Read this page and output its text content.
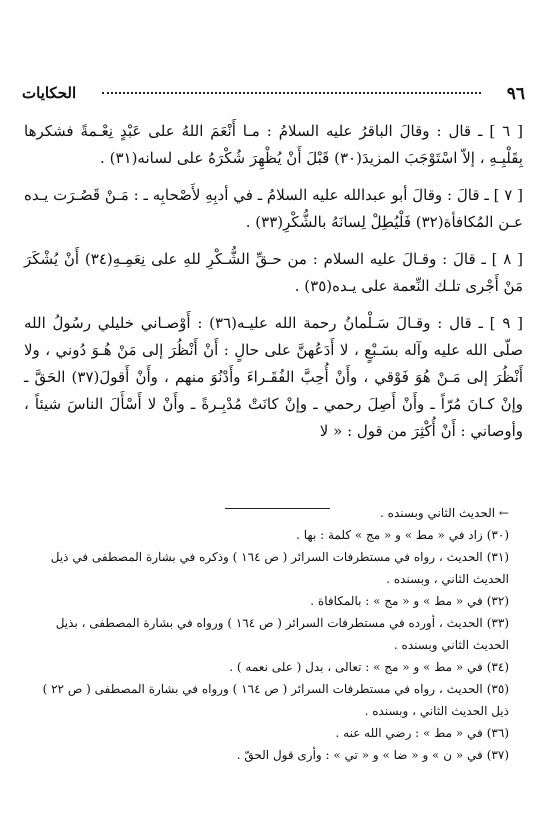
٩٦
الحكايات

[ ٦ ] ـ قال : وقالَ الباقرُ عليه السلامُ : مـا أَنْعَمَ اللهُ على عَبْدٍ نِعْـمةً فشكرها بِقَلْبِـهِ ، إلاّ اسْتَوْجَبَ المزيدَ(٣٠) قَبْلَ أَنْ يُظْهِرَ شُكْرَهُ على لسانه(٣١) .

[ ٧ ] ـ قالَ : وقالَ أبو عبدالله عليه السلامُ ـ في أدبِهِ لأَصْحابِه ـ : مَـنْ قَصُـرَت يـده عـن المُكافأة(٣٢) فَلْيُطِلْ لِسانَهُ بالشُّكْرِ(٣٣) .

[ ٨ ] ـ قالَ : وقـالَ عليه السلام : من حـقِّ الشُّـكْرِ للهِ على نِعَمِـهِ(٣٤) أَنْ يُشْكَرَ مَنْ أَجْرى تلـك النِّعمة على يـده(٣٥) .

[ ٩ ] ـ قال : وقـالَ سَـلْمانُ رحمة الله عليـه(٣٦) : أَوْصـاني خليلي رسُولُ الله صلّى الله عليه وآله بسَـبْعٍ ، لا أَدَعُهنَّ على حالٍ : أَنْ أَنْظُرَ إلى مَنْ هُـوَ دُوني ، ولا أَنْظُرَ إلى مَـنْ هُوَ فَوْقي ، وأَنْ أُحِبَّ الفُقَـراءَ وأَدْنُوَ منهم ، وأَنْ أَقولَ(٣٧) الحَقَّ ـ وإنْ كـانَ مُرّاً ـ وأَنْ أَصِلَ رحمي ـ وإنْ كانَتْ مُدْبِـرةً ـ وأَنْ لا أَسْأَلَ الناسَ شيئاً ، وأوصاني : أَنْ أُكْثِرَ من قول : « لا

← الحديث الثاني وبسنده .

(٣٠)زاد في « مط » و « مج » كلمة : بها .

(٣١)الحديث ، رواه في مستطرفات السرائر ( ص ١٦٤ ) وذكره في بشارة المصطفى في ذيل الحديث الثاني ، وبسنده .

(٣٢)في « مط » و « مج » : بالمكافاة .

(٣٣)الحديث ، أورده في مستطرفات السرائر ( ص ١٦٤ ) ورواه في بشارة المصطفى ، بذيل الحديث الثاني وبسنده .

(٣٤)في « مط » و « مج » : تعالى ، بدل ( على نعمه ) .

(٣٥)الحديث ، رواه في مستطرفات السرائر ( ص ١٦٤ ) ورواه في بشارة المصطفى ( ص ٢٢ ) ذيل الحديث الثاني ، وبسنده .

(٣٦)في « مط » : رضي الله عنه .

(٣٧)في « ن » و « ضا » و « تي » : وأرى قول الحقّ .
